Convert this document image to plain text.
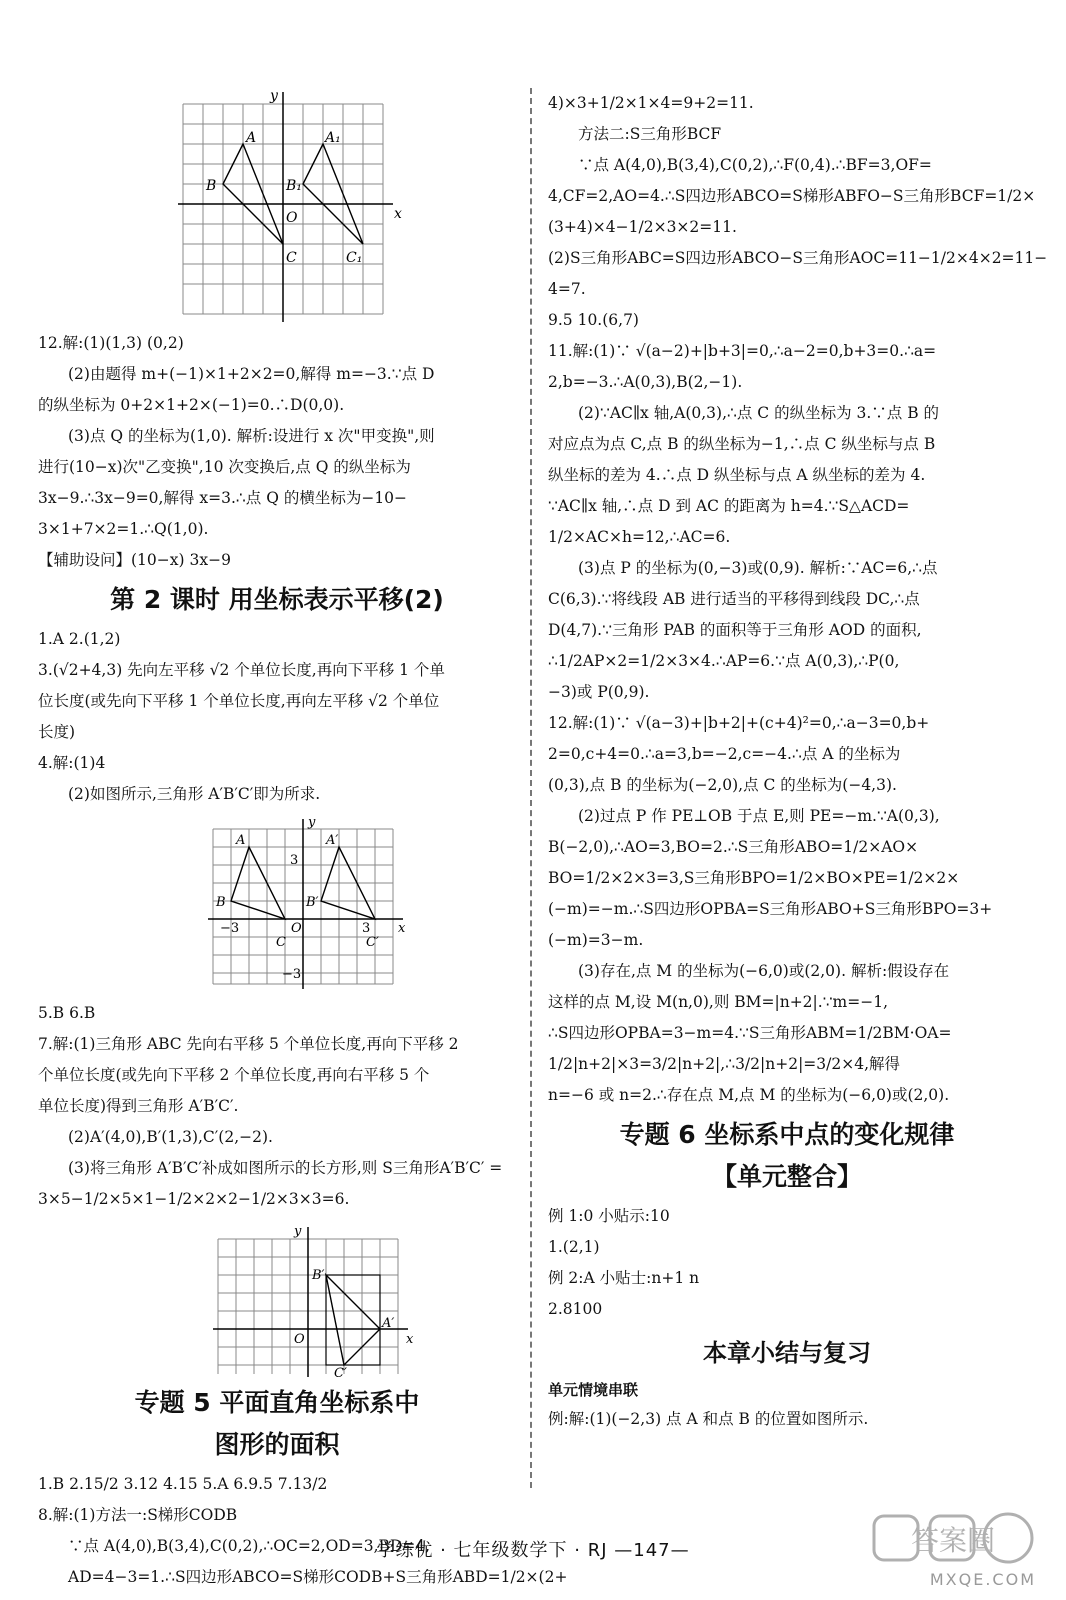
y
x
A	A₁
B	B₁
O
C	C₁
12.解:(1)(1,3) (0,2)
(2)由题得 m+(−1)×1+2×2=0,解得 m=−3.∵点 D
的纵坐标为 0+2×1+2×(−1)=0.∴D(0,0).
(3)点 Q 的坐标为(1,0). 解析:设进行 x 次"甲变换",则
进行(10−x)次"乙变换",10 次变换后,点 Q 的纵坐标为
3x−9.∴3x−9=0,解得 x=3.∴点 Q 的横坐标为−10−
3×1+7×2=1.∴Q(1,0).
【辅助设问】(10−x) 3x−9
第 2 课时 用坐标表示平移(2)
1.A 2.(1,2)
3.(√2+4,3) 先向左平移 √2 个单位长度,再向下平移 1 个单
位长度(或先向下平移 1 个单位长度,再向左平移 √2 个单位
长度)
4.解:(1)4
(2)如图所示,三角形 A′B′C′即为所求.
y
x
A	A′
B	B′
O
C	C′
3
−3	3
−3
5.B 6.B
7.解:(1)三角形 ABC 先向右平移 5 个单位长度,再向下平移 2
个单位长度(或先向下平移 2 个单位长度,再向右平移 5 个
单位长度)得到三角形 A′B′C′.
(2)A′(4,0),B′(1,3),C′(2,−2).
(3)将三角形 A′B′C′补成如图所示的长方形,则 S三角形A′B′C′ =
3×5−1/2×5×1−1/2×2×2−1/2×3×3=6.
y
x
B′
A′
O
C′
专题 5 平面直角坐标系中
图形的面积
1.B 2.15/2 3.12 4.15 5.A 6.9.5 7.13/2
8.解:(1)方法一:S梯形CODB
∵点 A(4,0),B(3,4),C(0,2),∴OC=2,OD=3,BD=4,
AD=4−3=1.∴S四边形ABCO=S梯形CODB+S三角形ABD=1/2×(2+
4)×3+1/2×1×4=9+2=11.
方法二:S三角形BCF
∵点 A(4,0),B(3,4),C(0,2),∴F(0,4).∴BF=3,OF=
4,CF=2,AO=4.∴S四边形ABCO=S梯形ABFO−S三角形BCF=1/2×
(3+4)×4−1/2×3×2=11.
(2)S三角形ABC=S四边形ABCO−S三角形AOC=11−1/2×4×2=11−
4=7.
9.5 10.(6,7)
11.解:(1)∵ √(a−2)+|b+3|=0,∴a−2=0,b+3=0.∴a=
2,b=−3.∴A(0,3),B(2,−1).
(2)∵AC∥x 轴,A(0,3),∴点 C 的纵坐标为 3.∵点 B 的
对应点为点 C,点 B 的纵坐标为−1,∴点 C 纵坐标与点 B
纵坐标的差为 4.∴点 D 纵坐标与点 A 纵坐标的差为 4.
∵AC∥x 轴,∴点 D 到 AC 的距离为 h=4.∵S△ACD=
1/2×AC×h=12,∴AC=6.
(3)点 P 的坐标为(0,−3)或(0,9). 解析:∵AC=6,∴点
C(6,3).∵将线段 AB 进行适当的平移得到线段 DC,∴点
D(4,7).∵三角形 PAB 的面积等于三角形 AOD 的面积,
∴1/2AP×2=1/2×3×4.∴AP=6.∵点 A(0,3),∴P(0,
−3)或 P(0,9).
12.解:(1)∵ √(a−3)+|b+2|+(c+4)²=0,∴a−3=0,b+
2=0,c+4=0.∴a=3,b=−2,c=−4.∴点 A 的坐标为
(0,3),点 B 的坐标为(−2,0),点 C 的坐标为(−4,3).
(2)过点 P 作 PE⊥OB 于点 E,则 PE=−m.∵A(0,3),
B(−2,0),∴AO=3,BO=2.∴S三角形ABO=1/2×AO×
BO=1/2×2×3=3,S三角形BPO=1/2×BO×PE=1/2×2×
(−m)=−m.∴S四边形OPBA=S三角形ABO+S三角形BPO=3+
(−m)=3−m.
(3)存在,点 M 的坐标为(−6,0)或(2,0). 解析:假设存在
这样的点 M,设 M(n,0),则 BM=|n+2|.∵m=−1,
∴S四边形OPBA=3−m=4.∵S三角形ABM=1/2BM·OA=
1/2|n+2|×3=3/2|n+2|,∴3/2|n+2|=3/2×4,解得
n=−6 或 n=2.∴存在点 M,点 M 的坐标为(−6,0)或(2,0).
专题 6 坐标系中点的变化规律
【单元整合】
例 1:0 小贴示:10
1.(2,1)
例 2:A 小贴士:n+1 n
2.8100
本章小结与复习
单元情境串联
例:解:(1)(−2,3) 点 A 和点 B 的位置如图所示.
学练优 · 七年级数学下 · RJ —147—	答案圈
MXQE.COM
